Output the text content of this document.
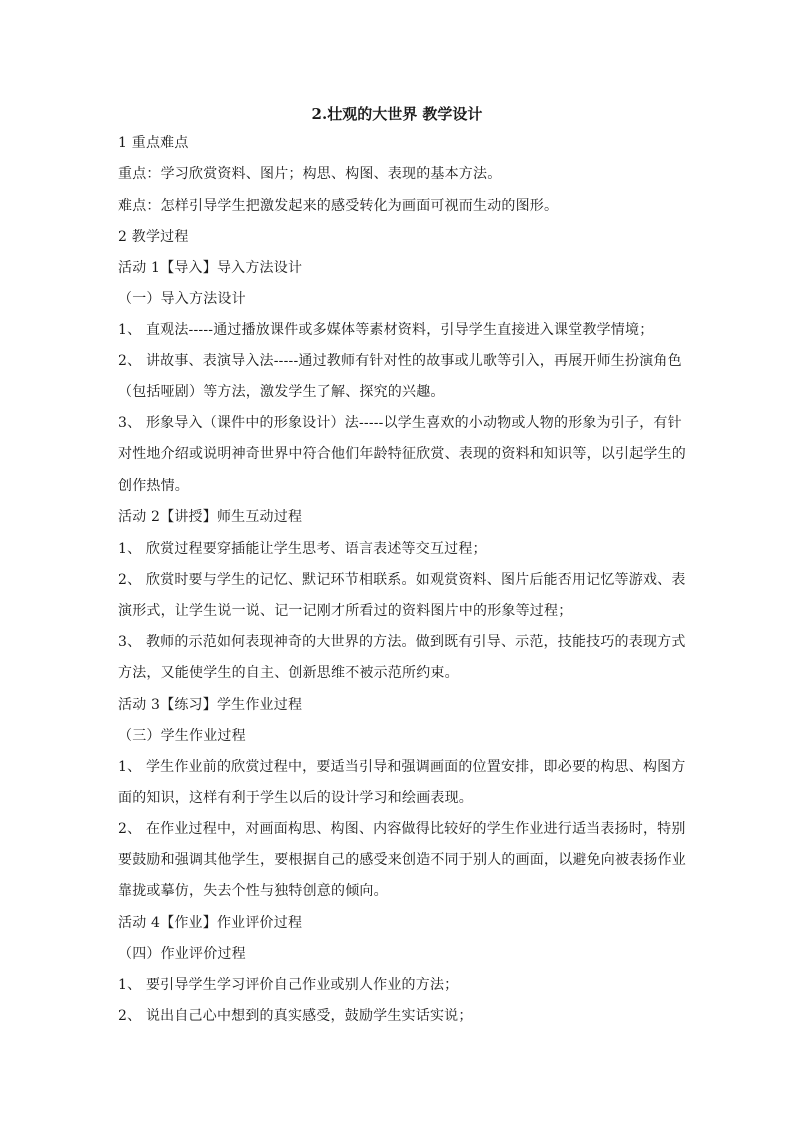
2.壮观的大世界 教学设计
1 重点难点
重点：学习欣赏资料、图片；构思、构图、表现的基本方法。
难点：怎样引导学生把激发起来的感受转化为画面可视而生动的图形。
2 教学过程
活动 1【导入】导入方法设计
（一）导入方法设计
1、 直观法-----通过播放课件或多媒体等素材资料，引导学生直接进入课堂教学情境；
2、 讲故事、表演导入法-----通过教师有针对性的故事或儿歌等引入，再展开师生扮演角色
（包括哑剧）等方法，激发学生了解、探究的兴趣。
3、 形象导入（课件中的形象设计）法-----以学生喜欢的小动物或人物的形象为引子，有针
对性地介绍或说明神奇世界中符合他们年龄特征欣赏、表现的资料和知识等，以引起学生的
创作热情。
活动 2【讲授】师生互动过程
1、 欣赏过程要穿插能让学生思考、语言表述等交互过程；
2、 欣赏时要与学生的记忆、默记环节相联系。如观赏资料、图片后能否用记忆等游戏、表
演形式，让学生说一说、记一记刚才所看过的资料图片中的形象等过程；
3、 教师的示范如何表现神奇的大世界的方法。做到既有引导、示范，技能技巧的表现方式
方法，又能使学生的自主、创新思维不被示范所约束。
活动 3【练习】学生作业过程
（三）学生作业过程
1、 学生作业前的欣赏过程中，要适当引导和强调画面的位置安排，即必要的构思、构图方
面的知识，这样有利于学生以后的设计学习和绘画表现。
2、 在作业过程中，对画面构思、构图、内容做得比较好的学生作业进行适当表扬时，特别
要鼓励和强调其他学生，要根据自己的感受来创造不同于别人的画面，以避免向被表扬作业
靠拢或摹仿，失去个性与独特创意的倾向。
活动 4【作业】作业评价过程
（四）作业评价过程
1、 要引导学生学习评价自己作业或别人作业的方法；
2、 说出自己心中想到的真实感受，鼓励学生实话实说；
